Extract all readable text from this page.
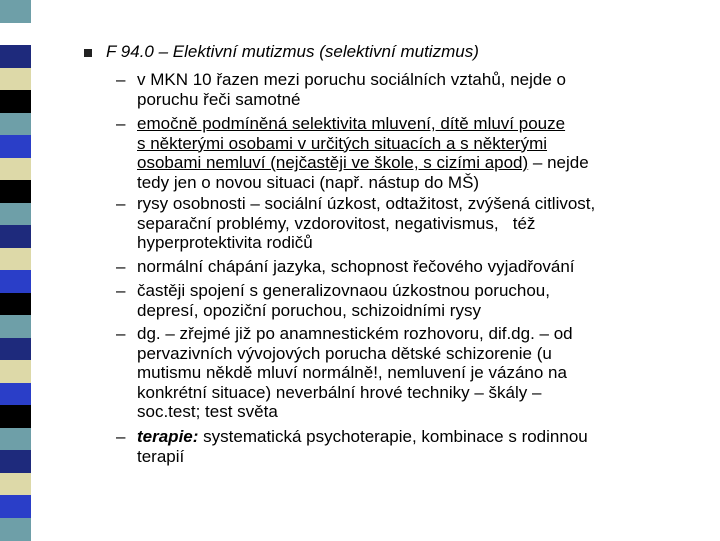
F 94.0 – Elektivní mutizmus (selektivní mutizmus)
– v MKN 10 řazen mezi poruchu sociálních vztahů, nejde o
poruchu řeči samotné
– emočně podmíněná selektivita mluvení, dítě mluví pouze
s některými osobami v určitých situacích a s některými
osobami nemluví (nejčastěji ve škole, s cizími apod) – nejde
tedy jen o novou situaci (např. nástup do MŠ)
– rysy osobnosti – sociální úzkost, odtažitost, zvýšená citlivost,
separační problémy, vzdorovitost, negativismus,   též
hyperprotektivita rodičů
– normální chápání jazyka, schopnost řečového vyjadřování
– častěji spojení s generalizovnaou úzkostnou poruchou,
depresí, opoziční poruchou, schizoidními rysy
– dg. – zřejmé již po anamnestickém rozhovoru, dif.dg. – od
pervazivních vývojových porucha dětské schizorenie (u
mutismu někdě mluví normálně!, nemluvení je vázáno na
konkrétní situace) neverbální hrové techniky – škály –
soc.test; test světa
– terapie: systematická psychoterapie, kombinace s rodinnou
terapií
